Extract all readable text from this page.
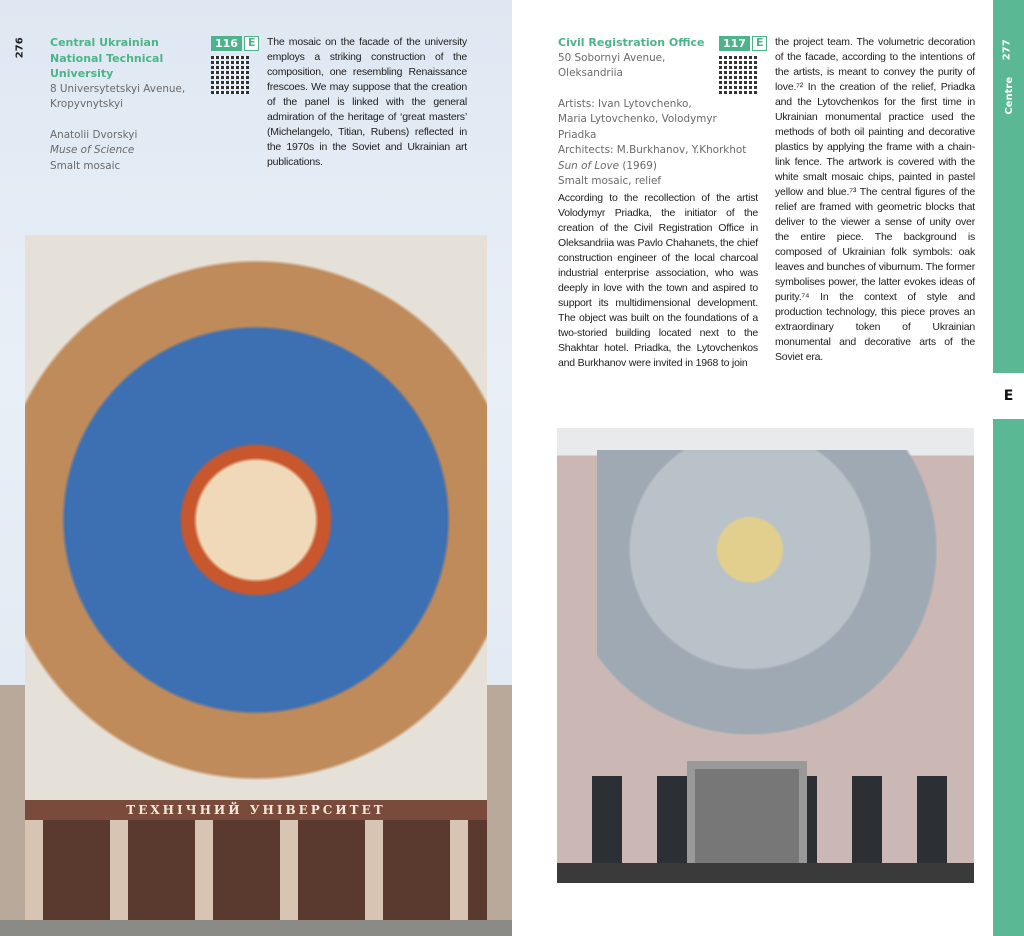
276 Central Ukrainian National Technical University
8 Universytetskyi Avenue,
Kropyvnytskyi
Anatolii Dvorskyi
Muse of Science
Smalt mosaic
116 E	The mosaic on the facade of the university employs a striking construction of the composition, one resembling Renaissance frescoes. We may suppose that the creation of the panel is linked with the general admiration of the heritage of ‘great masters’ (Michelangelo, Titian, Rubens) reflected in the 1970s in the Soviet and Ukrainian art publications.
ТЕХНІЧНИЙ УНІВЕРСИТЕТ
Civil Registration Office
50 Sobornyi Avenue,
Oleksandriia
Artists: Ivan Lytovchenko,
Maria Lytovchenko, Volodymyr Priadka
Architects: M.Burkhanov, Y.Khorkhot
Sun of Love (1969)
Smalt mosaic, relief
117 E
According to the recollection of the artist Volodymyr Priadka, the initiator of the creation of the Civil Registration Office in Oleksandriia was Pavlo Chahanets, the chief construction engineer of the local charcoal industrial enterprise association, who was deeply in love with the town and aspired to support its multidimensional development. The object was built on the foundations of a two-storied building located next to the Shakhtar hotel. Priadka, the Lytovchenkos and Burkhanov were invited in 1968 to join
the project team. The volumetric decoration of the facade, according to the intentions of the artists, is meant to convey the purity of love.⁷² In the creation of the relief, Priadka and the Lytovchenkos for the first time in Ukrainian monumental practice used the methods of both oil painting and decorative plastics by applying the frame with a chain-link fence. The artwork is covered with the white smalt mosaic chips, painted in pastel yellow and blue.⁷³ The central figures of the relief are framed with geometric blocks that deliver to the viewer a sense of unity over the entire piece. The background is composed of Ukrainian folk symbols: oak leaves and bunches of viburnum. The former symbolises power, the latter evokes ideas of purity.⁷⁴ In the context of style and production technology, this piece proves an extraordinary token of Ukrainian monumental and decorative arts of the Soviet era.
277
Centre
E
